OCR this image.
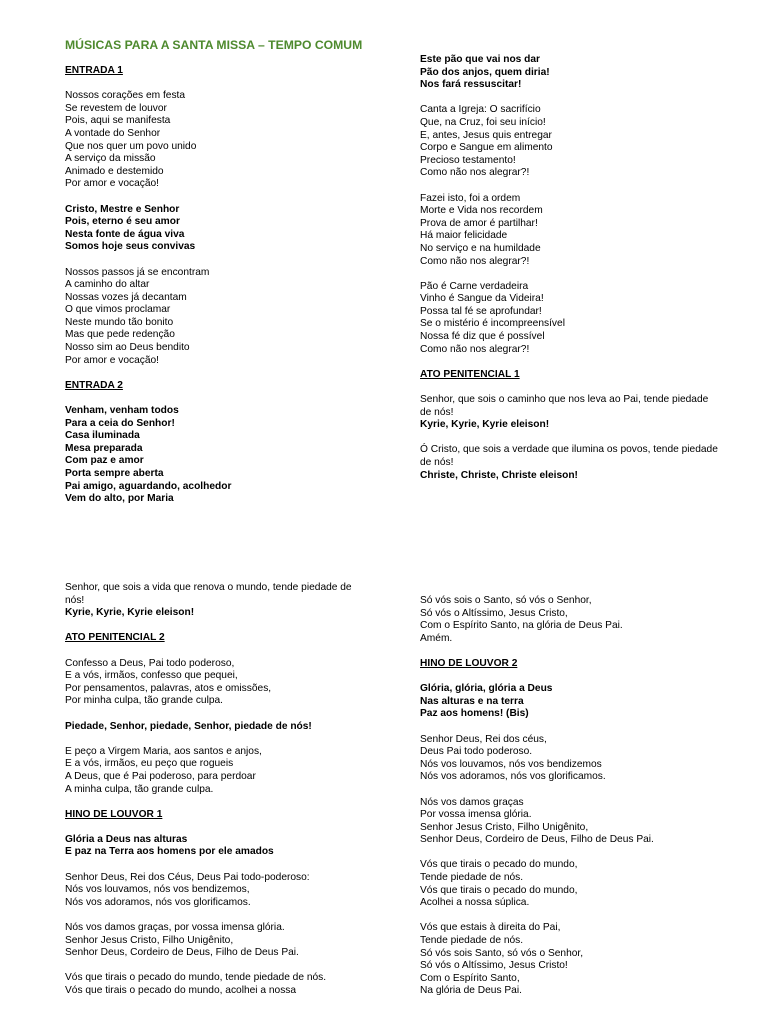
MÚSICAS PARA A SANTA MISSA – TEMPO COMUM
ENTRADA 1
Nossos corações em festa
Se revestem de louvor
Pois, aqui se manifesta
A vontade do Senhor
Que nos quer um povo unido
A serviço da missão
Animado e destemido
Por amor e vocação!
Cristo, Mestre e Senhor
Pois, eterno é seu amor
Nesta fonte de água viva
Somos hoje seus convivas
Nossos passos já se encontram
A caminho do altar
Nossas vozes já decantam
O que vimos proclamar
Neste mundo tão bonito
Mas que pede redenção
Nosso sim ao Deus bendito
Por amor e vocação!
ENTRADA 2
Venham, venham todos
Para a ceia do Senhor!
Casa iluminada
Mesa preparada
Com paz e amor
Porta sempre aberta
Pai amigo, aguardando, acolhedor
Vem do alto, por Maria
Este pão que vai nos dar
Pão dos anjos, quem diria!
Nos fará ressuscitar!
Canta a Igreja: O sacrifício
Que, na Cruz, foi seu início!
E, antes, Jesus quis entregar
Corpo e Sangue em alimento
Precioso testamento!
Como não nos alegrar?!
Fazei isto, foi a ordem
Morte e Vida nos recordem
Prova de amor é partilhar!
Há maior felicidade
No serviço e na humildade
Como não nos alegrar?!
Pão é Carne verdadeira
Vinho é Sangue da Videira!
Possa tal fé se aprofundar!
Se o mistério é incompreensível
Nossa fé diz que é possível
Como não nos alegrar?!
ATO PENITENCIAL 1
Senhor, que sois o caminho que nos leva ao Pai, tende piedade de nós!
Kyrie, Kyrie, Kyrie eleison!
Ó Cristo, que sois a verdade que ilumina os povos, tende piedade de nós!
Christe, Christe, Christe eleison!
Senhor, que sois a vida que renova o mundo, tende piedade de nós!
Kyrie, Kyrie, Kyrie eleison!
ATO PENITENCIAL 2
Confesso a Deus, Pai todo poderoso,
E a vós, irmãos, confesso que pequei,
Por pensamentos, palavras, atos e omissões,
Por minha culpa, tão grande culpa.
Piedade, Senhor, piedade, Senhor, piedade de nós!
E peço a Virgem Maria, aos santos e anjos,
E a vós, irmãos, eu peço que rogueis
A Deus, que é Pai poderoso, para perdoar
A minha culpa, tão grande culpa.
HINO DE LOUVOR 1
Glória a Deus nas alturas
E paz na Terra aos homens por ele amados
Senhor Deus, Rei dos Céus, Deus Pai todo-poderoso:
Nós vos louvamos, nós vos bendizemos,
Nós vos adoramos, nós vos glorificamos.
Nós vos damos graças, por vossa imensa glória.
Senhor Jesus Cristo, Filho Unigênito,
Senhor Deus, Cordeiro de Deus, Filho de Deus Pai.
Vós que tirais o pecado do mundo, tende piedade de nós.
Vós que tirais o pecado do mundo, acolhei a nossa
Só vós sois o Santo, só vós o Senhor,
Só vós o Altíssimo, Jesus Cristo,
Com o Espírito Santo, na glória de Deus Pai.
Amém.
HINO DE LOUVOR 2
Glória, glória, glória a Deus
Nas alturas e na terra
Paz aos homens! (Bis)
Senhor Deus, Rei dos céus,
Deus Pai todo poderoso.
Nós vos louvamos, nós vos bendizemos
Nós vos adoramos, nós vos glorificamos.
Nós vos damos graças
Por vossa imensa glória.
Senhor Jesus Cristo, Filho Unigênito,
Senhor Deus, Cordeiro de Deus, Filho de Deus Pai.
Vós que tirais o pecado do mundo,
Tende piedade de nós.
Vós que tirais o pecado do mundo,
Acolhei a nossa súplica.
Vós que estais à direita do Pai,
Tende piedade de nós.
Só vós sois Santo, só vós o Senhor,
Só vós o Altíssimo, Jesus Cristo!
Com o Espírito Santo,
Na glória de Deus Pai.
